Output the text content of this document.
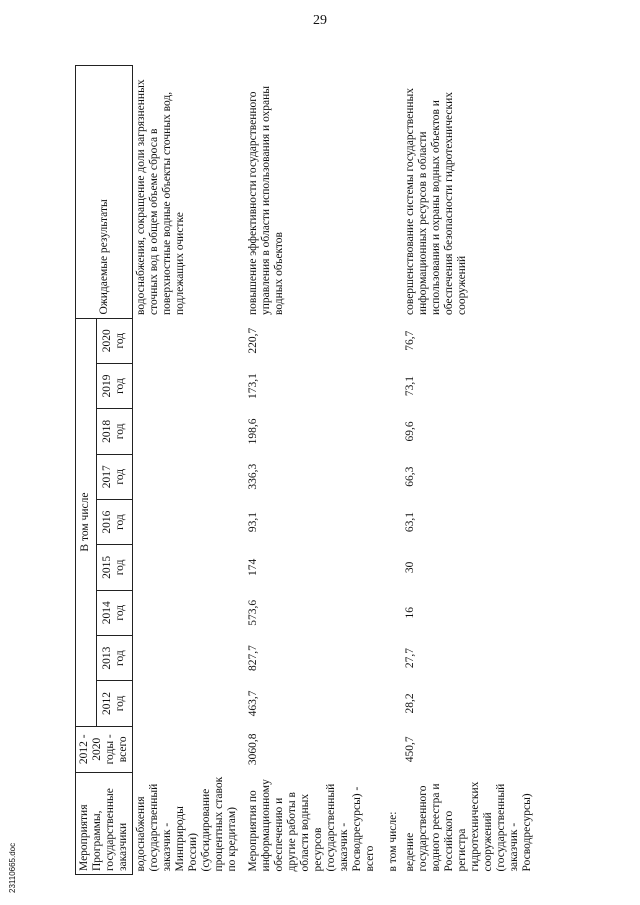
29
Мероприятия Программы, государственные заказчики	2012 - 2020 годы - всего	В том числе									Ожидаемые результаты
		2012 год	2013 год	2014 год	2015 год	2016 год	2017 год	2018 год	2019 год	2020 год	
водоснабжения (государственный заказчик - Минприроды России) (субсидирование процентных ставок по кредитам)											водоснабжения, сокращение доли загрязненных сточных вод в общем объеме сброса в поверхностные водные объекты сточных вод, подлежащих очистке
Мероприятия по информационному обеспечению и другие работы в области водных ресурсов (государственный заказчик - Росводресурсы) - всего	3060,8	463,7	827,7	573,6	174	93,1	336,3	198,6	173,1	220,7	повышение эффективности государственного управления в области использования и охраны водных объектов
в том числе:											
ведение государственного водного реестра и Российского регистра гидротехнических сооружений (государственный заказчик - Росводресурсы)	450,7	28,2	27,7	16	30	63,1	66,3	69,6	73,1	76,7	совершенствование системы государственных информационных ресурсов в области использования и охраны водных объектов и обеспечения безопасности гидротехнических сооружений
23110665.doc
